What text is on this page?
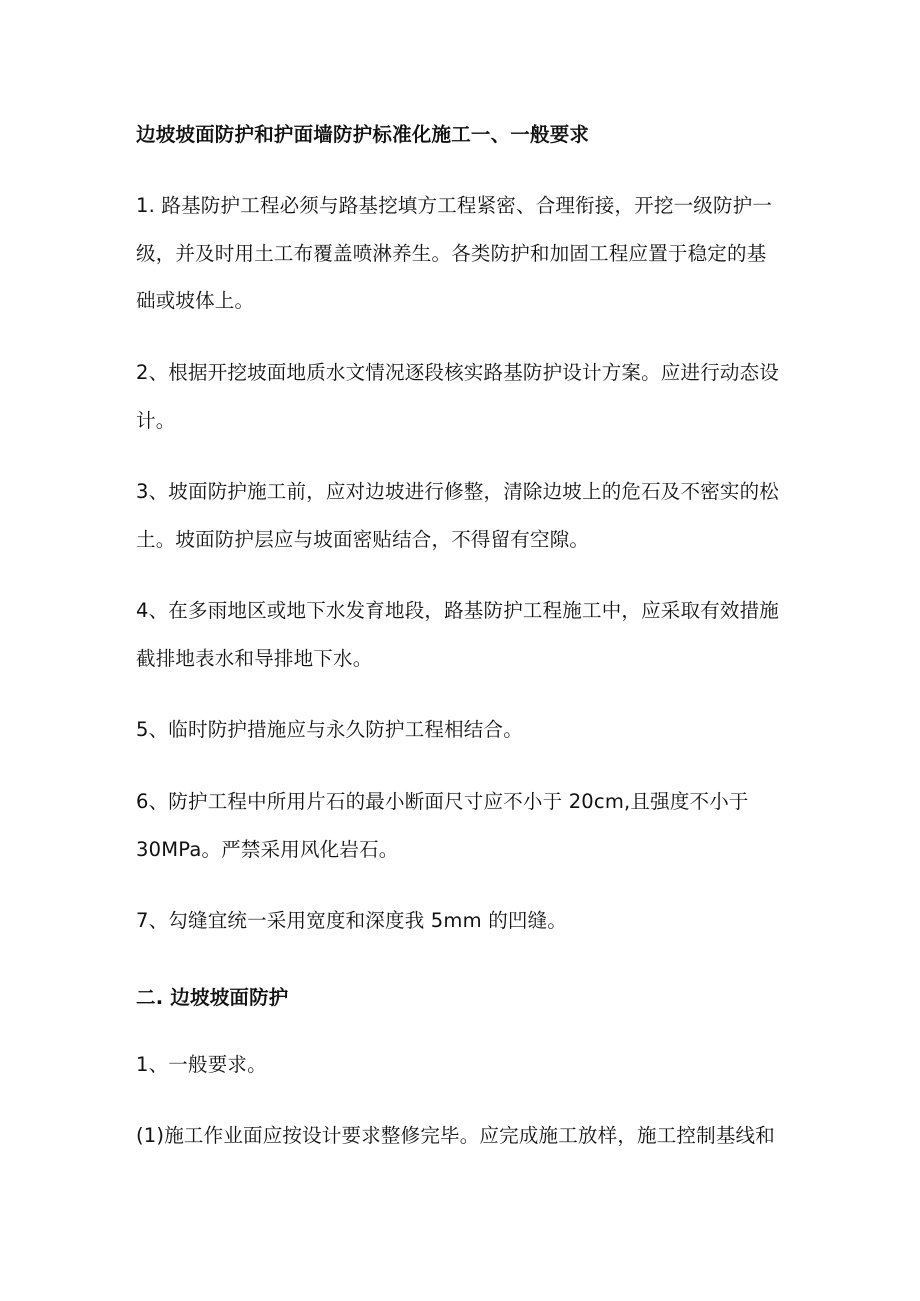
边坡坡面防护和护面墙防护标准化施工一、一般要求

1. 路基防护工程必须与路基挖填方工程紧密、合理衔接，开挖一级防护一

级，并及时用土工布覆盖喷淋养生。各类防护和加固工程应置于稳定的基

础或坡体上。

2、根据开挖坡面地质水文情况逐段核实路基防护设计方案。应进行动态设

计。

3、坡面防护施工前，应对边坡进行修整，清除边坡上的危石及不密实的松

土。坡面防护层应与坡面密贴结合，不得留有空隙。

4、在多雨地区或地下水发育地段，路基防护工程施工中，应采取有效措施

截排地表水和导排地下水。

5、临时防护措施应与永久防护工程相结合。

6、防护工程中所用片石的最小断面尺寸应不小于 20cm,且强度不小于

30MPa。严禁采用风化岩石。

7、勾缝宜统一采用宽度和深度我 5mm 的凹缝。

二. 边坡坡面防护

1、一般要求。

(1)施工作业面应按设计要求整修完毕。应完成施工放样，施工控制基线和
